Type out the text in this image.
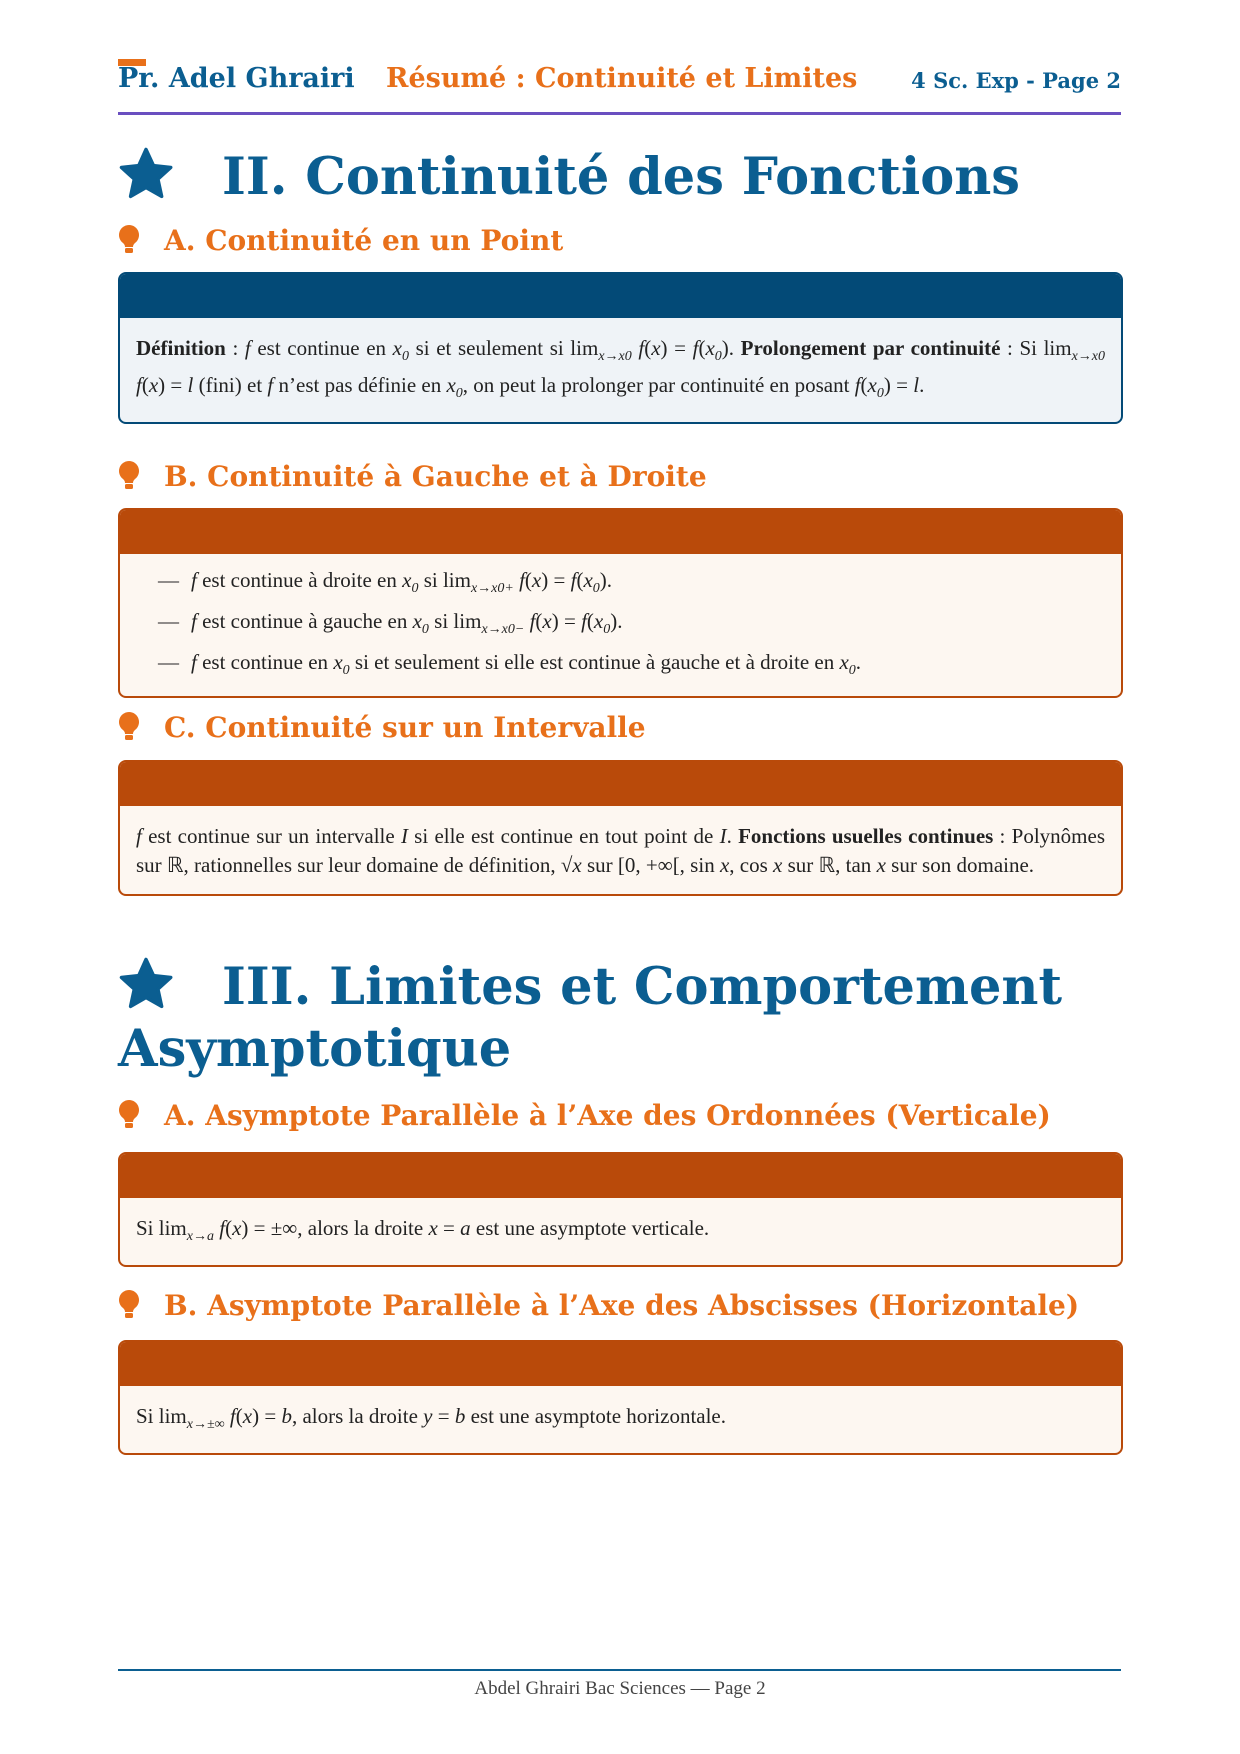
Pr. Adel Ghrairi Résumé : Continuité et Limites	4 Sc. Exp - Page 2
II. Continuité des Fonctions
A. Continuité en un Point
Définition : f est continue en $x_0$ si et seulement si $\lim_{x\to x0} f(x) = f(x_0)$. Prolongement par continuité : Si $\lim_{x\to x0} f(x) = l$ (fini) et f n’est pas définie en $x_0$, on peut la prolonger par continuité en posant $f(x_0) = l$.
B. Continuité à Gauche et à Droite
— f est continue à droite en $x_0$ si $\lim_{x\to x0+} f(x) = f(x_0)$.
— f est continue à gauche en $x_0$ si $\lim_{x\to x0-} f(x) = f(x_0)$.
— f est continue en $x_0$ si et seulement si elle est continue à gauche et à droite en $x_0$.
C. Continuité sur un Intervalle
f est continue sur un intervalle I si elle est continue en tout point de I. Fonctions usuelles continues : Polynômes sur ℝ, rationnelles sur leur domaine de définition, √x sur [0, +∞[, sin x, cos x sur ℝ, tan x sur son domaine.
III. Limites et Comportement Asymptotique
A. Asymptote Parallèle à l’Axe des Ordonnées (Verticale)
Si $\lim_{x\to a} f(x)$ = ±∞, alors la droite x = a est une asymptote verticale.
B. Asymptote Parallèle à l’Axe des Abscisses (Horizontale)
Si $\lim_{x\to\pm\infty} f(x) = b$, alors la droite y = b est une asymptote horizontale.
Abdel Ghrairi Bac Sciences — Page 2
